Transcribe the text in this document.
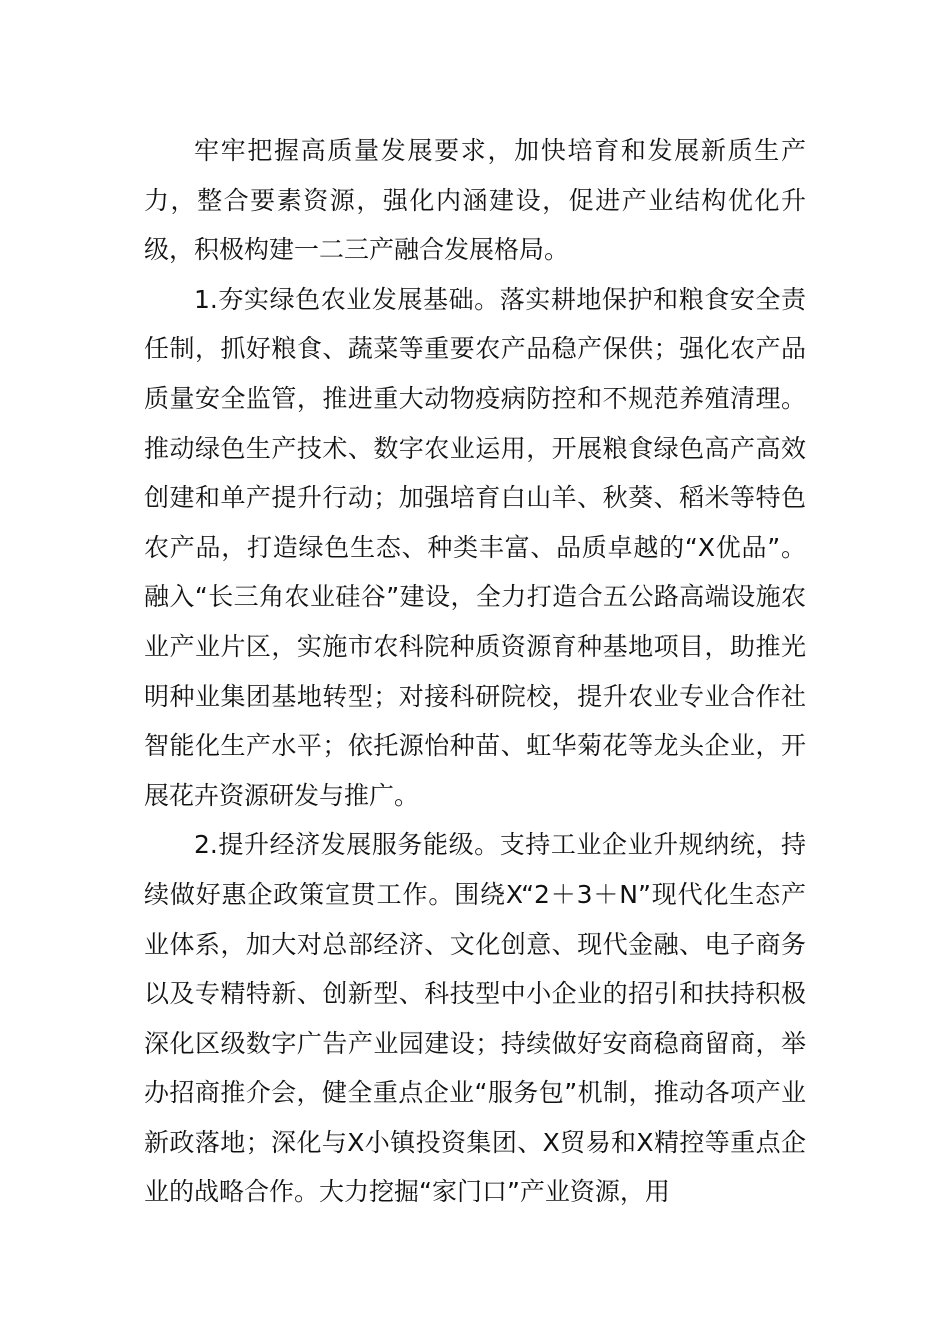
牢牢把握高质量发展要求，加快培育和发展新质生产力，整合要素资源，强化内涵建设，促进产业结构优化升级，积极构建一二三产融合发展格局。

1.夯实绿色农业发展基础。落实耕地保护和粮食安全责任制，抓好粮食、蔬菜等重要农产品稳产保供；强化农产品质量安全监管，推进重大动物疫病防控和不规范养殖清理。推动绿色生产技术、数字农业运用，开展粮食绿色高产高效创建和单产提升行动；加强培育白山羊、秋葵、稻米等特色农产品，打造绿色生态、种类丰富、品质卓越的“X优品”。融入“长三角农业硅谷”建设，全力打造合五公路高端设施农业产业片区，实施市农科院种质资源育种基地项目，助推光明种业集团基地转型；对接科研院校，提升农业专业合作社智能化生产水平；依托源怡种苗、虹华菊花等龙头企业，开展花卉资源研发与推广。

2.提升经济发展服务能级。支持工业企业升规纳统，持续做好惠企政策宣贯工作。围绕X“2＋3＋N”现代化生态产业体系，加大对总部经济、文化创意、现代金融、电子商务以及专精特新、创新型、科技型中小企业的招引和扶持积极深化区级数字广告产业园建设；持续做好安商稳商留商，举办招商推介会，健全重点企业“服务包”机制，推动各项产业新政落地；深化与X小镇投资集团、X贸易和X精控等重点企业的战略合作。大力挖掘“家门口”产业资源，用
